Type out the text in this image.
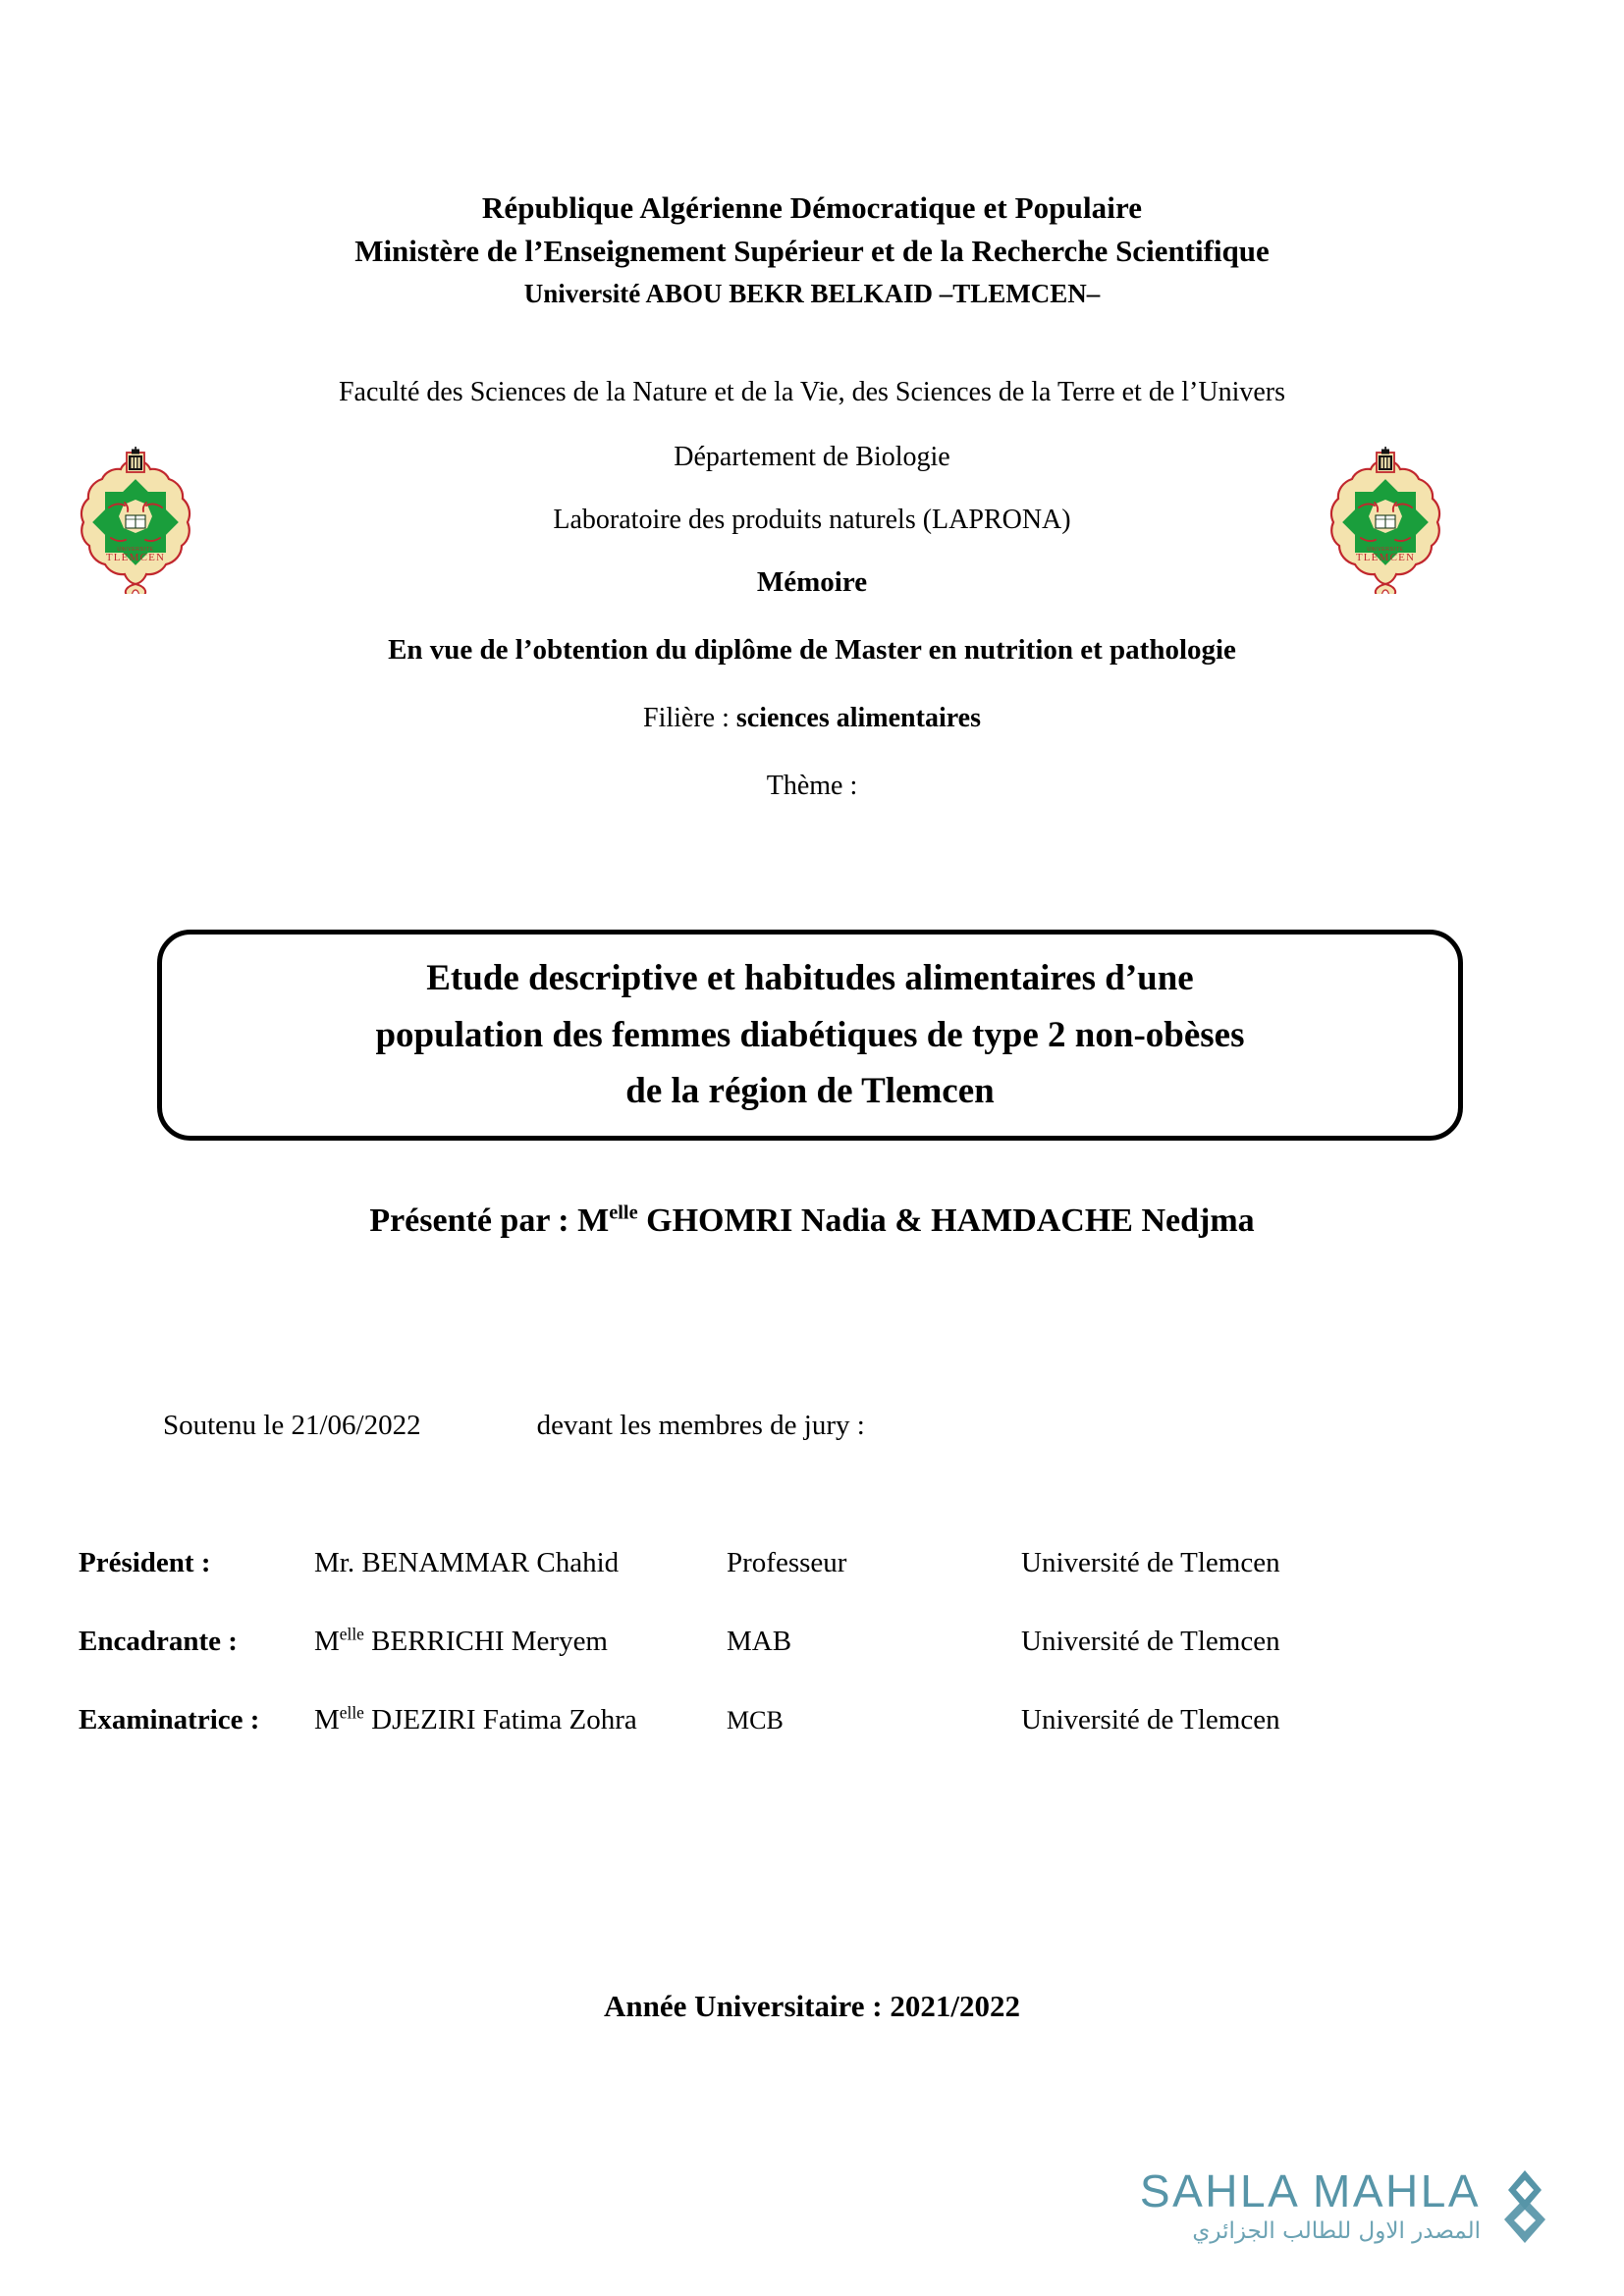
République Algérienne Démocratique et Populaire
Ministère de l’Enseignement Supérieur et de la Recherche Scientifique
Université ABOU BEKR BELKAID –TLEMCEN–
UNIVERSITE
TLEMCEN
UNIVERSITE
TLEMCEN
Faculté des Sciences de la Nature et de la Vie, des Sciences de la Terre et de l’Univers
Département de Biologie
Laboratoire des produits naturels (LAPRONA)
Mémoire
En vue de l’obtention du diplôme de Master en nutrition et pathologie
Filière : sciences alimentaires
Thème :
Etude descriptive et habitudes alimentaires d’une
population des femmes diabétiques de type 2 non-obèses
de la région de Tlemcen
Présenté par : $M^{elle}$ GHOMRI Nadia & HAMDACHE Nedjma
Soutenu le 21/06/2022	devant les membres de jury :
Président :	Mr. BENAMMAR Chahid	Professeur	Université de Tlemcen
Encadrante :	$M^{elle}$ BERRICHI Meryem	MAB	Université de Tlemcen
Examinatrice :	$M^{elle}$ DJEZIRI Fatima Zohra	MCB	Université de Tlemcen
Année Universitaire : 2021/2022
SAHLA MAHLA
المصدر الاول للطالب الجزائري
